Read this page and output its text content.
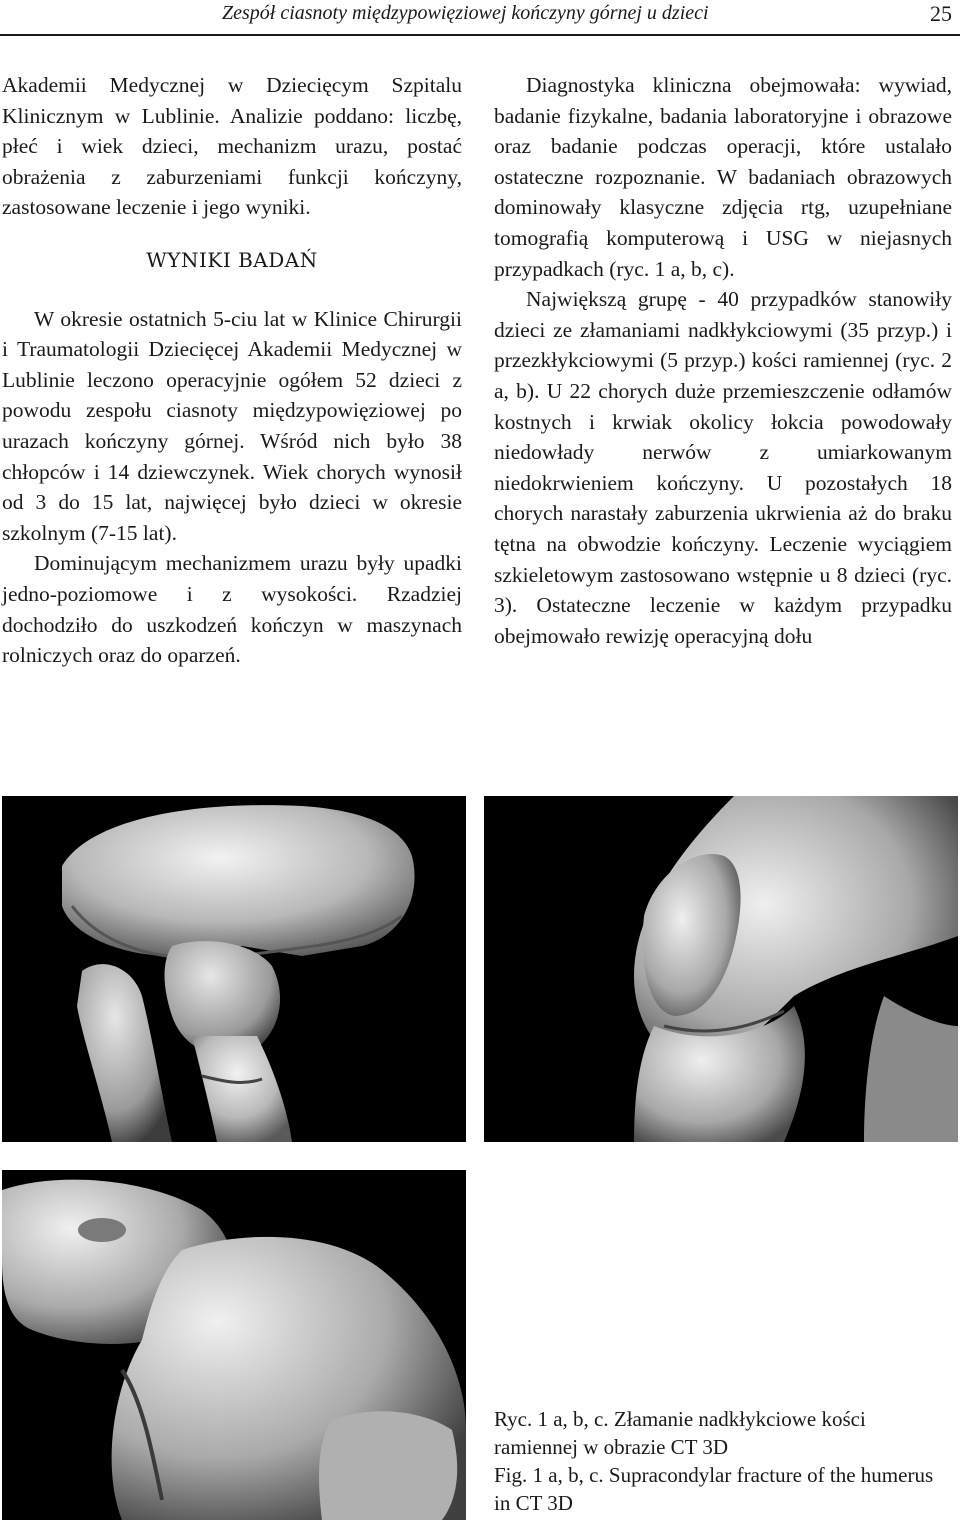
Zespół ciasnoty międzypowięziowej kończyny górnej u dzieci	25

Akademii Medycznej w Dziecięcym Szpitalu Klinicznym w Lublinie. Analizie poddano: liczbę, płeć i wiek dzieci, mechanizm urazu, postać obrażenia z zaburzeniami funkcji kończyny, zastosowane leczenie i jego wyniki.

WYNIKI BADAŃ

W okresie ostatnich 5-ciu lat w Klinice Chirurgii i Traumatologii Dziecięcej Akademii Medycznej w Lublinie leczono operacyjnie ogółem 52 dzieci z powodu zespołu ciasnoty międzypowięziowej po urazach kończyny górnej. Wśród nich było 38 chłopców i 14 dziewczynek. Wiek chorych wynosił od 3 do 15 lat, najwięcej było dzieci w okresie szkolnym (7-15 lat).

Dominującym mechanizmem urazu były upadki jedno-poziomowe i z wysokości. Rzadziej dochodziło do uszkodzeń kończyn w maszynach rolniczych oraz do oparzeń.

Diagnostyka kliniczna obejmowała: wywiad, badanie fizykalne, badania laboratoryjne i obrazowe oraz badanie podczas operacji, które ustalało ostateczne rozpoznanie. W badaniach obrazowych dominowały klasyczne zdjęcia rtg, uzupełniane tomografią komputerową i USG w niejasnych przypadkach (ryc. 1 a, b, c).

Największą grupę - 40 przypadków stanowiły dzieci ze złamaniami nadkłykciowymi (35 przyp.) i przezkłykciowymi (5 przyp.) kości ramiennej (ryc. 2 a, b). U 22 chorych duże przemieszczenie odłamów kostnych i krwiak okolicy łokcia powodowały niedowłady nerwów z umiarkowanym niedokrwieniem kończyny. U pozostałych 18 chorych narastały zaburzenia ukrwienia aż do braku tętna na obwodzie kończyny. Leczenie wyciągiem szkieletowym zastosowano wstępnie u 8 dzieci (ryc. 3). Ostateczne leczenie w każdym przypadku obejmowało rewizję operacyjną dołu

Ryc. 1 a, b, c. Złamanie nadkłykciowe kości ramiennej w obrazie CT 3D

Fig. 1 a, b, c. Supracondylar fracture of the humerus in CT 3D
